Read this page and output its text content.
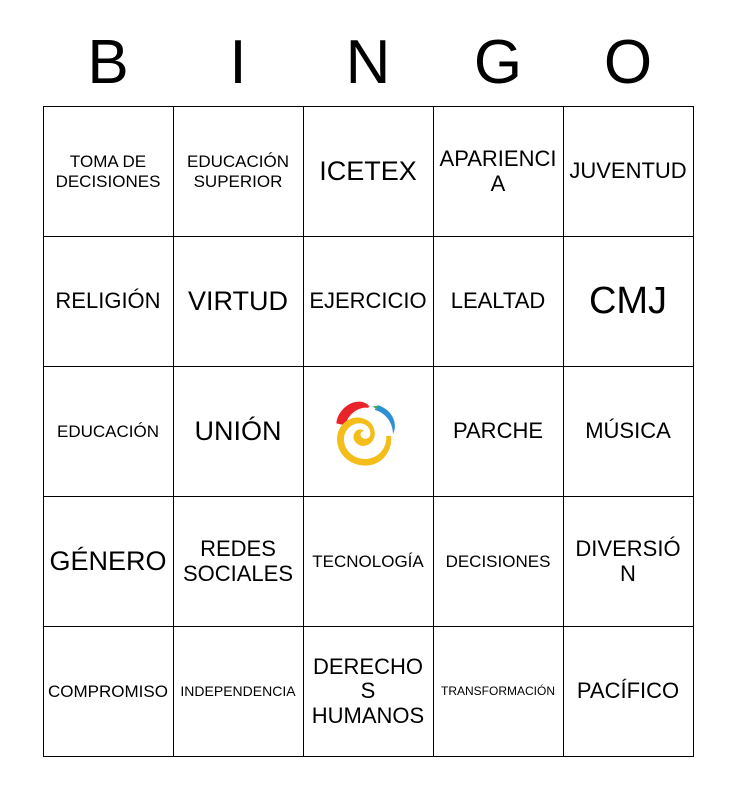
B	I	N	G	O
TOMA DE DECISIONES	EDUCACIÓN SUPERIOR	ICETEX	APARIENCIA	JUVENTUD

RELIGIÓN	VIRTUD	EJERCICIO	LEALTAD	CMJ

EDUCACIÓN	UNIÓN		PARCHE	MÚSICA

GÉNERO	REDES SOCIALES	TECNOLOGÍA	DECISIONES	DIVERSIÓN

COMPROMISO	INDEPENDENCIA	DERECHOS HUMANOS	TRANSFORMACIÓN	PACÍFICO
